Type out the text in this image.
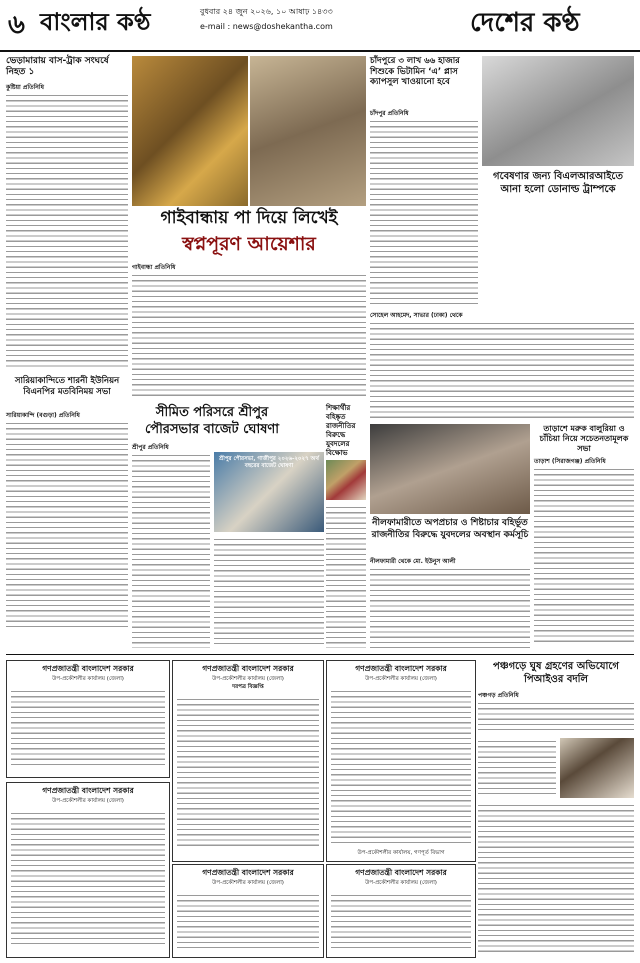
৬ বাংলার কণ্ঠ	বুধবার ২৪ জুন ২০২৬, ১০ আষাঢ় ১৪৩৩
e-mail : news@doshekantha.com	দেশের কণ্ঠ
ভেড়ামারায় বাস-ট্রাক সংঘর্ষে নিহত ১
কুষ্টিয়া প্রতিনিধি
চাঁদপুরে ৩ লাখ ৬৬ হাজার শিশুকে ভিটামিন ‘এ’ প্লাস ক্যাপসুল খাওয়ানো হবে
চাঁদপুর প্রতিনিধি
গবেষণার জন্য বিএলআরআইতে আনা হলো ডোনাল্ড ট্রাম্পকে
সোহেল আহমেদ, সাভার (ঢাকা) থেকে
গাইবান্ধায় পা দিয়ে লিখেই
স্বপ্নপূরণ আয়েশার
গাইবান্ধা প্রতিনিধি
তাড়াশে মরুক বালুরিয়া ও চাঁচিয়া নিয়ে সচেতনতামূলক সভা
তাড়াশ (সিরাজগঞ্জ) প্রতিনিধি
সারিয়াকান্দিতে শারনী ইউনিয়ন বিএনপির মতবিনিময় সভা
সারিয়াকান্দি (বগুড়া) প্রতিনিধি	সীমিত পরিসরে শ্রীপুর পৌরসভার বাজেট ঘোষণা
শ্রীপুর প্রতিনিধি
শ্রীপুর পৌরসভা, গাজীপুর ২০২৬-২০২৭ অর্থ বছরের বাজেট ঘোষণা
শিক্ষার্থীর বহিষ্কৃত রাজনীতির বিরুদ্ধে যুবদলের বিক্ষোভ
নীলফামারীতে অপপ্রচার ও শিষ্টাচার বহির্ভূত রাজনীতির বিরুদ্ধে যুবদলের অবস্থান কর্মসূচি
নীলফামারী থেকে মো. ইউনুস আলী
গণপ্রজাতন্ত্রী বাংলাদেশ সরকার
উপ-প্রকৌশলীর কার্যালয় (জেলা)
গণপ্রজাতন্ত্রী বাংলাদেশ সরকার
উপ-প্রকৌশলীর কার্যালয় (জেলা)
গণপ্রজাতন্ত্রী বাংলাদেশ সরকার
উপ-প্রকৌশলীর কার্যালয় (জেলা)
দরপত্র বিজ্ঞপ্তি
গণপ্রজাতন্ত্রী বাংলাদেশ সরকার
উপ-প্রকৌশলীর কার্যালয় (জেলা)
গণপ্রজাতন্ত্রী বাংলাদেশ সরকার
উপ-প্রকৌশলীর কার্যালয় (জেলা)
উপ-প্রকৌশলীর কার্যালয়, গণপূর্ত বিভাগ
গণপ্রজাতন্ত্রী বাংলাদেশ সরকার
উপ-প্রকৌশলীর কার্যালয় (জেলা)
পঞ্চগড়ে ঘুষ গ্রহণের অভিযোগে পিআইওর বদলি
পঞ্চগড় প্রতিনিধি
